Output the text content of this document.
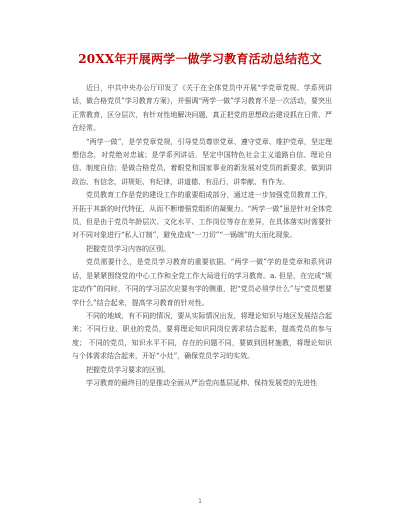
20XX年开展两学一做学习教育活动总结范文

近日，中共中央办公厅印发了《关于在全体党员中开展“学党章党规、学系列讲话，做合格党员”学习教育方案》，并强调“两学一做”学习教育不是一次活动，要突出正常教育，区分层次，有针对性地解决问题，真正把党的思想政治建设抓在日常、严在经常。

“两学一做”，是学党章党规，引导党员尊崇党章、遵守党章、维护党章，坚定理想信念，对党绝对忠诚；是学系列讲话，坚定中国特色社会主义道路自信、理论自信、制度自信；是做合格党员，着眼党和国家事业的新发展对党员的新要求，做到讲政治、有信念，讲规矩、有纪律，讲道德、有品行，讲奉献、有作为。

党员教育工作是党的建设工作的重要组成部分，通过进一步加强党员教育工作，开拓于其新的时代特征，从而不断增强党组织的凝聚力。“两学一做”虽是针对全体党员，但是由于党员年龄层次、文化水平、工作岗位等存在差异，在具体落实时需要针对不同对象进行“私人订制”，避免造成“一刀切”“一锅端”的大而化现象。

把握党员学习内容的区别。

党员需要什么，是党员学习教育的重要依据。“两学一做”学的是党章和系列讲话，是紧紧围绕党的中心工作和全党工作大局进行的学习教育。a. 但是，在完成“规定动作”的同时，不同的学习层次应要有学的侧重，把“党员必须学什么”与“党员想要学什么”结合起来，提高学习教育的针对性。

不同的地域，有不同的情况，要从实际情况出发，将理论知识与地区发展结合起来；不同行业、职业的党员，要将理论知识同岗位需求结合起来，提高党员的参与度； 不同的党员，知识水平不同，存在的问题不同，要做到因材施教，将理论知识与个体需求结合起来，开好“小灶”，确保党员学习的实效。

把握党员学习要求的区别。

学习教育的最终目的是推动全面从严治党向基层延伸、保持发展党的先进性

1
